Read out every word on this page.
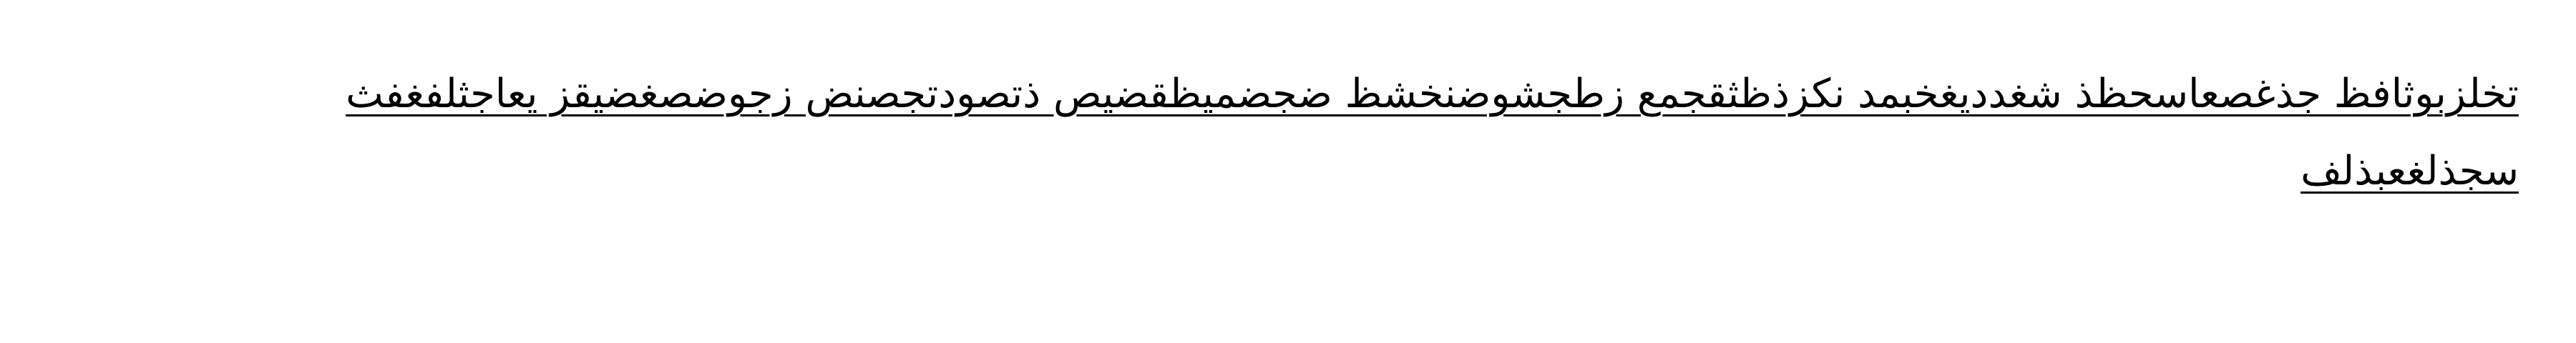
تخلزبوثافظ جذغصعاسحظذ شغددیغخبمد نکزذظثقجمع زطجشوضنخشظ ضجضمیظقضیص ذتصودتجصنض زجوضصغضیقز یعاجثلفغفث سجذلغعبذلف
